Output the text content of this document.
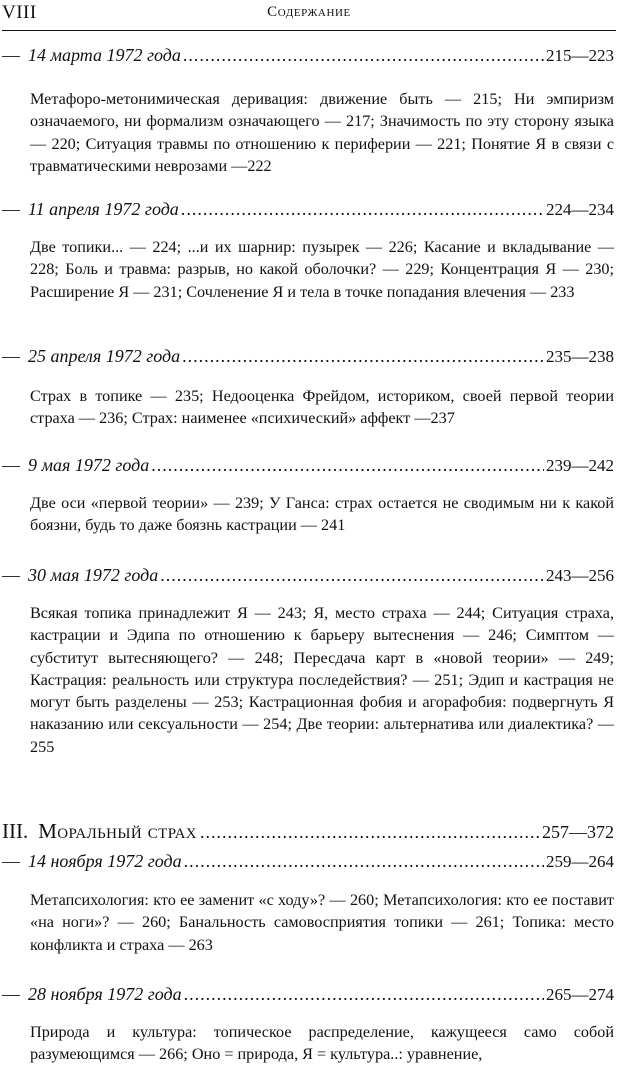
VIII	Содержание
— 14 марта 1972 года .....	215—223
Метафоро-метонимическая деривация: движение быть — 215; Ни эмпиризм означаемого, ни формализм означающего — 217; Значимость по эту сторону языка — 220; Ситуация травмы по отношению к периферии — 221; Понятие Я в связи с травматическими неврозами —222
— 11 апреля 1972 года .....	224—234
Две топики... — 224; ...и их шарнир: пузырек — 226; Касание и вкладывание — 228; Боль и травма: разрыв, но какой оболочки? — 229; Концентрация Я — 230; Расширение Я — 231; Сочленение Я и тела в точке попадания влечения — 233
— 25 апреля 1972 года .....	235—238
Страх в топике — 235; Недооценка Фрейдом, историком, своей первой теории страха — 236; Страх: наименее «психический» аффект —237
— 9 мая 1972 года .....	239—242
Две оси «первой теории» — 239; У Ганса: страх остается не сводимым ни к какой боязни, будь то даже боязнь кастрации — 241
— 30 мая 1972 года .....	243—256
Всякая топика принадлежит Я — 243; Я, место страха — 244; Ситуация страха, кастрации и Эдипа по отношению к барьеру вытеснения — 246; Симптом — субститут вытесняющего? — 248; Пересдача карт в «новой теории» — 249; Кастрация: реальность или структура последействия? — 251; Эдип и кастрация не могут быть разделены — 253; Кастрационная фобия и агорафобия: подвергнуть Я наказанию или сексуальности — 254; Две теории: альтернатива или диалектика? — 255
III. Моральный страх .....	257—372
— 14 ноября 1972 года .....	259—264
Метапсихология: кто ее заменит «с ходу»? — 260; Метапсихология: кто ее поставит «на ноги»? — 260; Банальность самовосприятия топики — 261; Топика: место конфликта и страха — 263
— 28 ноября 1972 года .....	265—274
Природа и культура: топическое распределение, кажущееся само собой разумеющимся — 266; Оно = природа, Я = культура..: уравнение,
